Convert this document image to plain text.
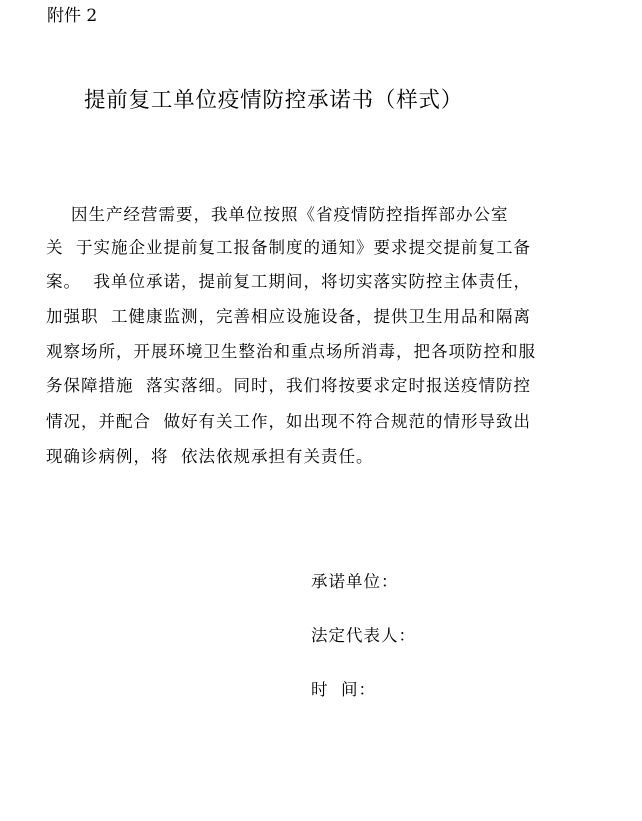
附件 2
提前复工单位疫情防控承诺书（样式）
因生产经营需要，我单位按照《省疫情防控指挥部办公室
关  于实施企业提前复工报备制度的通知》要求提交提前复工备
案。  我单位承诺，提前复工期间，将切实落实防控主体责任，
加强职  工健康监测，完善相应设施设备，提供卫生用品和隔离
观察场所，开展环境卫生整治和重点场所消毒，把各项防控和服
务保障措施  落实落细。同时，我们将按要求定时报送疫情防控
情况，并配合  做好有关工作，如出现不符合规范的情形导致出
现确诊病例，将  依法依规承担有关责任。
承诺单位：
法定代表人：
时  间：
